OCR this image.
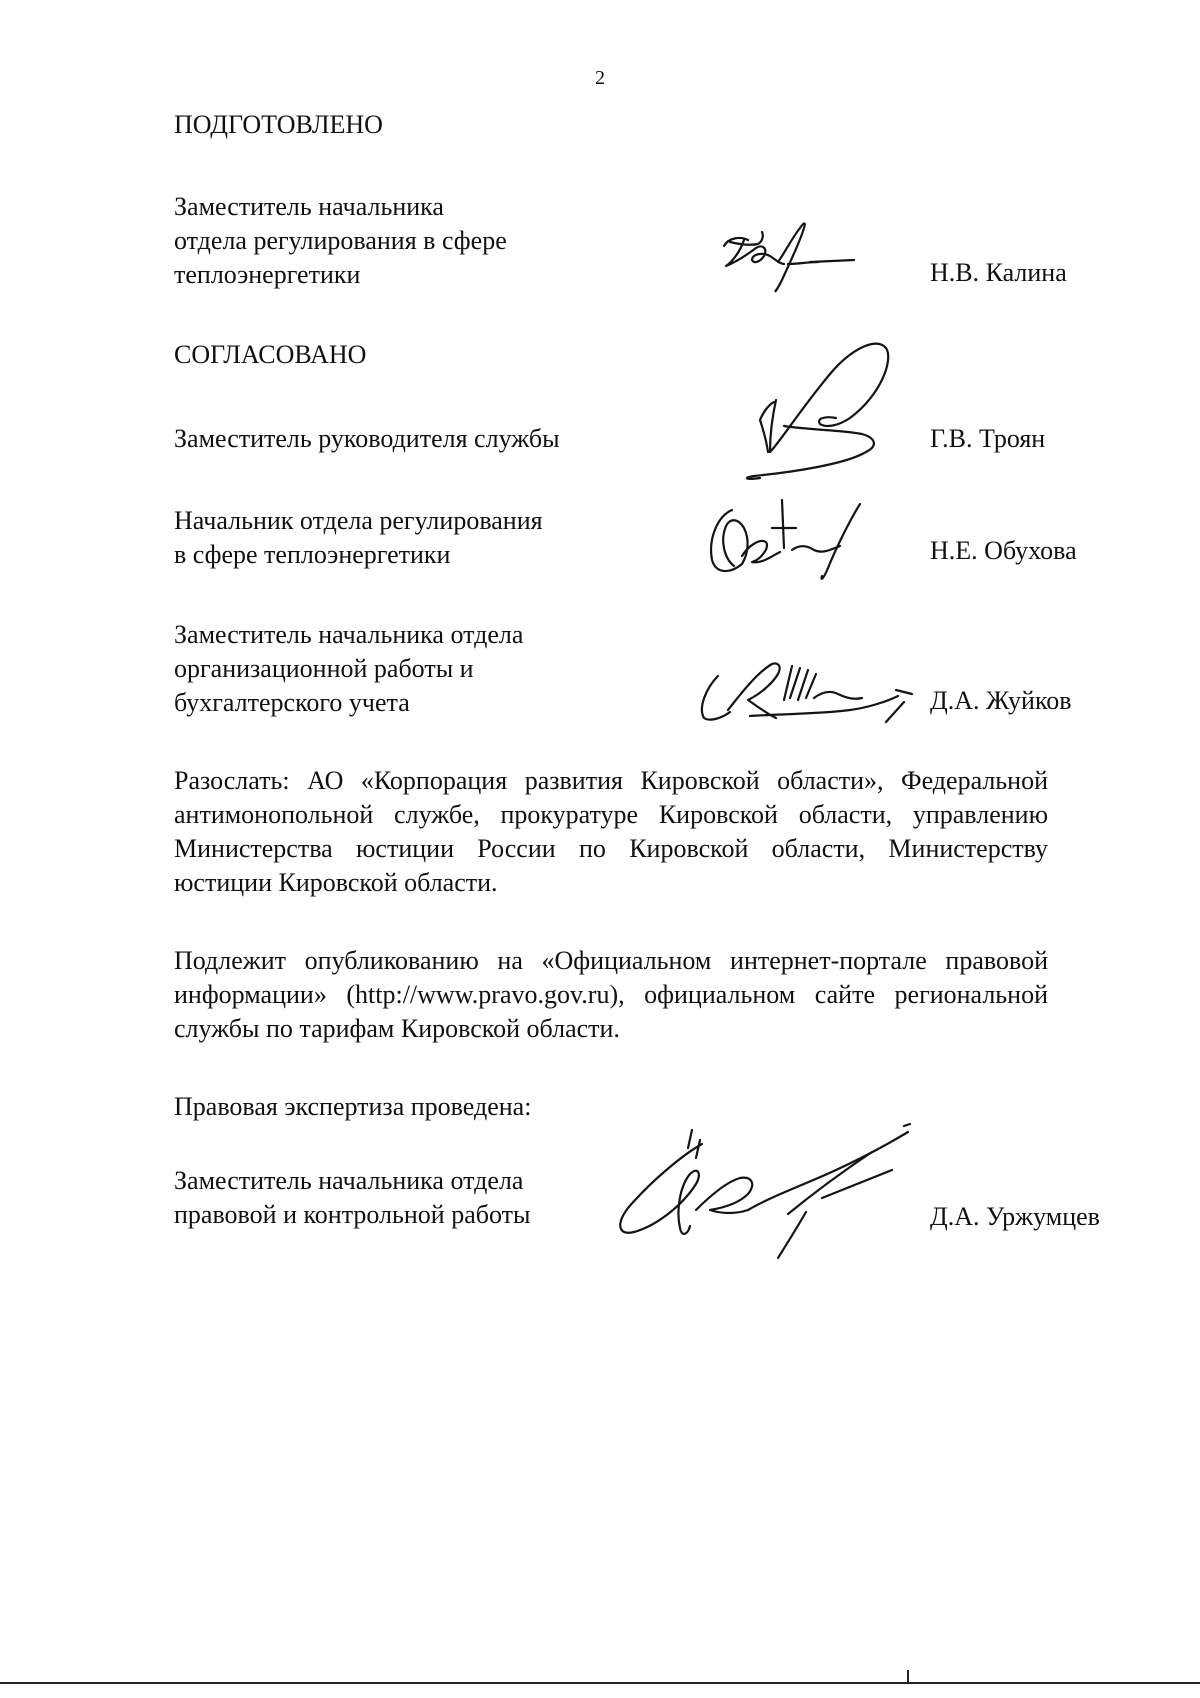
2
ПОДГОТОВЛЕНО
Заместитель начальника
отдела регулирования в сфере
теплоэнергетики	Н.В. Калина
СОГЛАСОВАНО
Заместитель руководителя службы	Г.В. Троян
Начальник отдела регулирования
в сфере теплоэнергетики	Н.Е. Обухова
Заместитель начальника отдела
организационной работы и
бухгалтерского учета	Д.А. Жуйков
Разослать: АО «Корпорация развития Кировской области», Федеральной
антимонопольной службе, прокуратуре Кировской области, управлению
Министерства юстиции России по Кировской области, Министерству
юстиции Кировской области.
Подлежит опубликованию на «Официальном интернет-портале правовой
информации» (http://www.pravo.gov.ru), официальном сайте региональной
службы по тарифам Кировской области.
Правовая экспертиза проведена:
Заместитель начальника отдела
правовой и контрольной работы	Д.А. Уржумцев
